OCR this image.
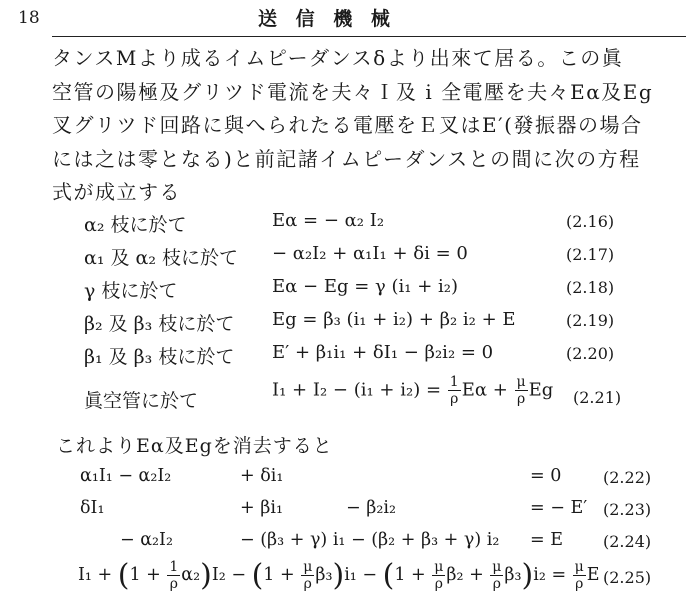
18	送 信 機 械
タンスMより成るイムピーダンスδより出來て居る。この眞
空管の陽極及グリツド電流を夫々Ｉ及 i 全電壓を夫々Eα及Eg
叉グリツド回路に與へられたる電壓をＥ叉はE′(發振器の場合
には之は零となる)と前記諸イムピーダンスとの間に次の方程
式が成立する
α₂ 枝に於て	Eα = − α₂ I₂	(2.16)
α₁ 及 α₂ 枝に於て − α₂I₂ + α₁I₁ + δi = 0	(2.17)
γ 枝に於て	Eα − Eg = γ (i₁ + i₂)	(2.18)
β₂ 及 β₃ 枝に於て Eg = β₃ (i₁ + i₂) + β₂ i₂ + E	(2.19)
β₁ 及 β₃ 枝に於て E′ + β₁i₁ + δI₁ − β₂i₂ = 0	(2.20)
眞空管に於て	$I_1 + I_2 - (i_1 + i_2) = \frac{1}{\rho}$ $E\alpha + \frac{\mu}{\rho}$ Eg (2.21)
これよりEα及Egを消去すると
α₁I₁ − α₂I₂	+ δi₁	= 0	(2.22)
δI₁	+ βi₁	− β₂i₂	= − E′ (2.23)
− α₂I₂	− (β₃ + γ) i₁ − (β₂ + β₃ + γ) i₂ = E (2.24)
$I_1 + (1 + \frac{1}{\rho} \alpha_2)I_2 - (1 + \frac{\mu}{\rho} \beta_3)i_1 - (1 + \frac{\mu}{\rho} \beta_2 + \frac{\mu}{\rho} \beta_3)i_2 = \frac{\mu}{\rho}$ E (2.25)
